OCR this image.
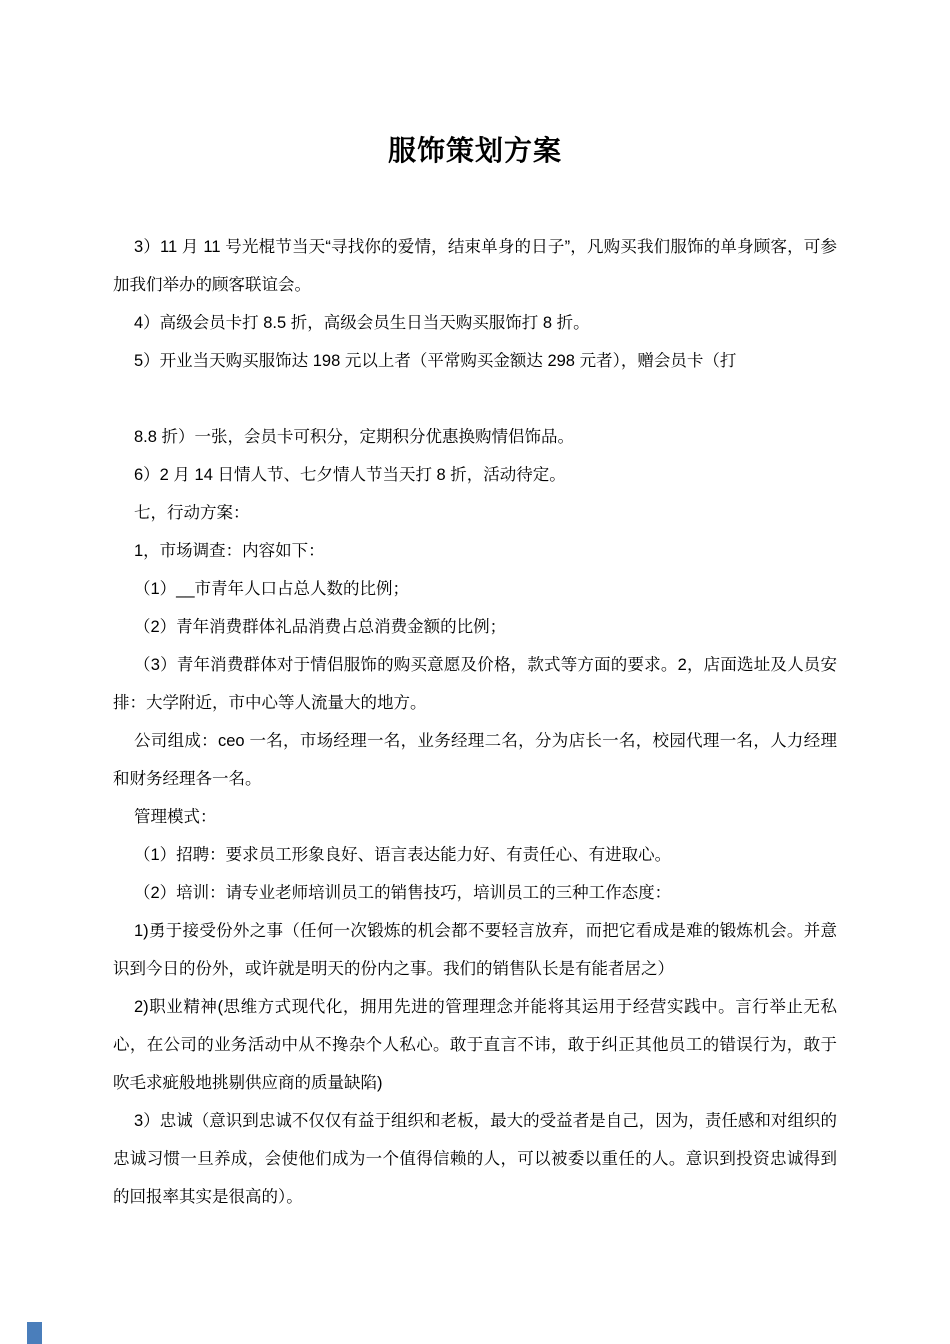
服饰策划方案

3）11 月 11 号光棍节当天“寻找你的爱情，结束单身的日子”，凡购买我们服饰的单身顾客，可参加我们举办的顾客联谊会。

4）高级会员卡打 8.5 折，高级会员生日当天购买服饰打 8 折。

5）开业当天购买服饰达 198 元以上者（平常购买金额达 298 元者），赠会员卡（打

8.8 折）一张，会员卡可积分，定期积分优惠换购情侣饰品。

6）2 月 14 日情人节、七夕情人节当天打 8 折，活动待定。

七，行动方案：

1，市场调查：内容如下：

（1）__市青年人口占总人数的比例；

（2）青年消费群体礼品消费占总消费金额的比例；

（3）青年消费群体对于情侣服饰的购买意愿及价格，款式等方面的要求。2，店面选址及人员安排：大学附近，市中心等人流量大的地方。

公司组成：ceo 一名，市场经理一名，业务经理二名，分为店长一名，校园代理一名，人力经理和财务经理各一名。

管理模式：

（1）招聘：要求员工形象良好、语言表达能力好、有责任心、有进取心。

（2）培训：请专业老师培训员工的销售技巧，培训员工的三种工作态度：

1)勇于接受份外之事（任何一次锻炼的机会都不要轻言放弃，而把它看成是难的锻炼机会。并意识到今日的份外，或许就是明天的份内之事。我们的销售队长是有能者居之）

2)职业精神(思维方式现代化，拥用先进的管理理念并能将其运用于经营实践中。言行举止无私心，在公司的业务活动中从不搀杂个人私心。敢于直言不讳，敢于纠正其他员工的错误行为，敢于吹毛求疵般地挑剔供应商的质量缺陷)

3）忠诚（意识到忠诚不仅仅有益于组织和老板，最大的受益者是自己，因为，责任感和对组织的忠诚习惯一旦养成，会使他们成为一个值得信赖的人，可以被委以重任的人。意识到投资忠诚得到的回报率其实是很高的）。
